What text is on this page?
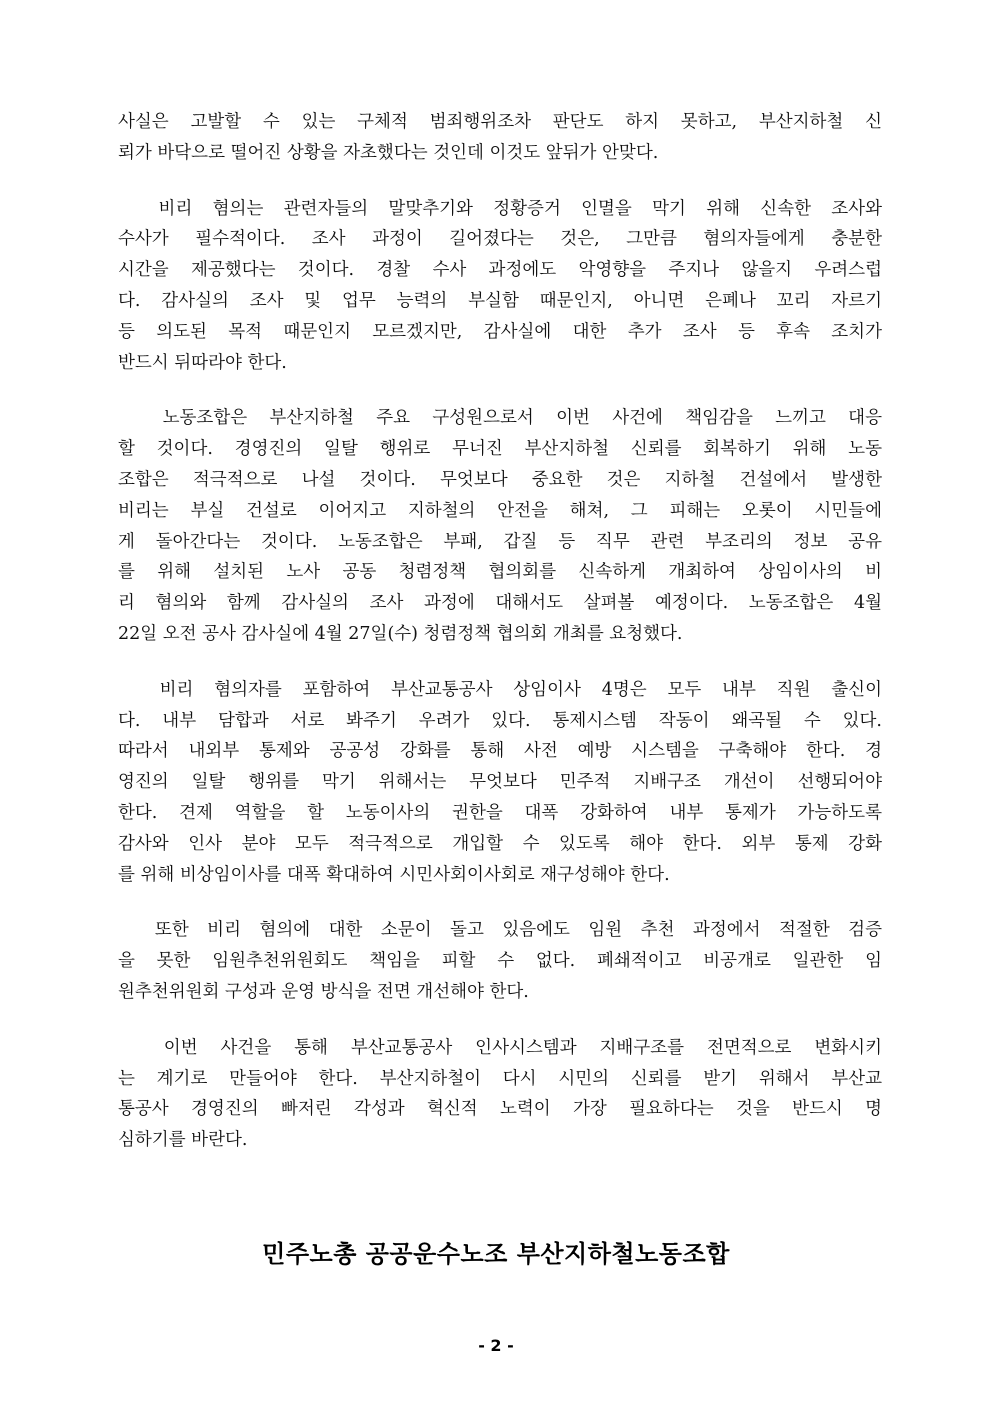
사실은 고발할 수 있는 구체적 범죄행위조차 판단도 하지 못하고, 부산지하철 신
뢰가 바닥으로 떨어진 상황을 자초했다는 것인데 이것도 앞뒤가 안맞다.
비리 혐의는 관련자들의 말맞추기와 정황증거 인멸을 막기 위해 신속한 조사와
수사가 필수적이다. 조사 과정이 길어졌다는 것은, 그만큼 혐의자들에게 충분한
시간을 제공했다는 것이다. 경찰 수사 과정에도 악영향을 주지나 않을지 우려스럽
다. 감사실의 조사 및 업무 능력의 부실함 때문인지, 아니면 은폐나 꼬리 자르기
등 의도된 목적 때문인지 모르겠지만, 감사실에 대한 추가 조사 등 후속 조치가
반드시 뒤따라야 한다.
노동조합은 부산지하철 주요 구성원으로서 이번 사건에 책임감을 느끼고 대응
할 것이다. 경영진의 일탈 행위로 무너진 부산지하철 신뢰를 회복하기 위해 노동
조합은 적극적으로 나설 것이다. 무엇보다 중요한 것은 지하철 건설에서 발생한
비리는 부실 건설로 이어지고 지하철의 안전을 해쳐, 그 피해는 오롯이 시민들에
게 돌아간다는 것이다. 노동조합은 부패, 갑질 등 직무 관련 부조리의 정보 공유
를 위해 설치된 노사 공동 청렴정책 협의회를 신속하게 개최하여 상임이사의 비
리 혐의와 함께 감사실의 조사 과정에 대해서도 살펴볼 예정이다. 노동조합은 4월
22일 오전 공사 감사실에 4월 27일(수) 청렴정책 협의회 개최를 요청했다.
비리 혐의자를 포함하여 부산교통공사 상임이사 4명은 모두 내부 직원 출신이
다. 내부 담합과 서로 봐주기 우려가 있다. 통제시스템 작동이 왜곡될 수 있다.
따라서 내외부 통제와 공공성 강화를 통해 사전 예방 시스템을 구축해야 한다. 경
영진의 일탈 행위를 막기 위해서는 무엇보다 민주적 지배구조 개선이 선행되어야
한다. 견제 역할을 할 노동이사의 권한을 대폭 강화하여 내부 통제가 가능하도록
감사와 인사 분야 모두 적극적으로 개입할 수 있도록 해야 한다. 외부 통제 강화
를 위해 비상임이사를 대폭 확대하여 시민사회이사회로 재구성해야 한다.
또한 비리 혐의에 대한 소문이 돌고 있음에도 임원 추천 과정에서 적절한 검증
을 못한 임원추천위원회도 책임을 피할 수 없다. 폐쇄적이고 비공개로 일관한 임
원추천위원회 구성과 운영 방식을 전면 개선해야 한다.
이번 사건을 통해 부산교통공사 인사시스템과 지배구조를 전면적으로 변화시키
는 계기로 만들어야 한다. 부산지하철이 다시 시민의 신뢰를 받기 위해서 부산교
통공사 경영진의 빠저린 각성과 혁신적 노력이 가장 필요하다는 것을 반드시 명
심하기를 바란다.
민주노총 공공운수노조 부산지하철노동조합
- 2 -
